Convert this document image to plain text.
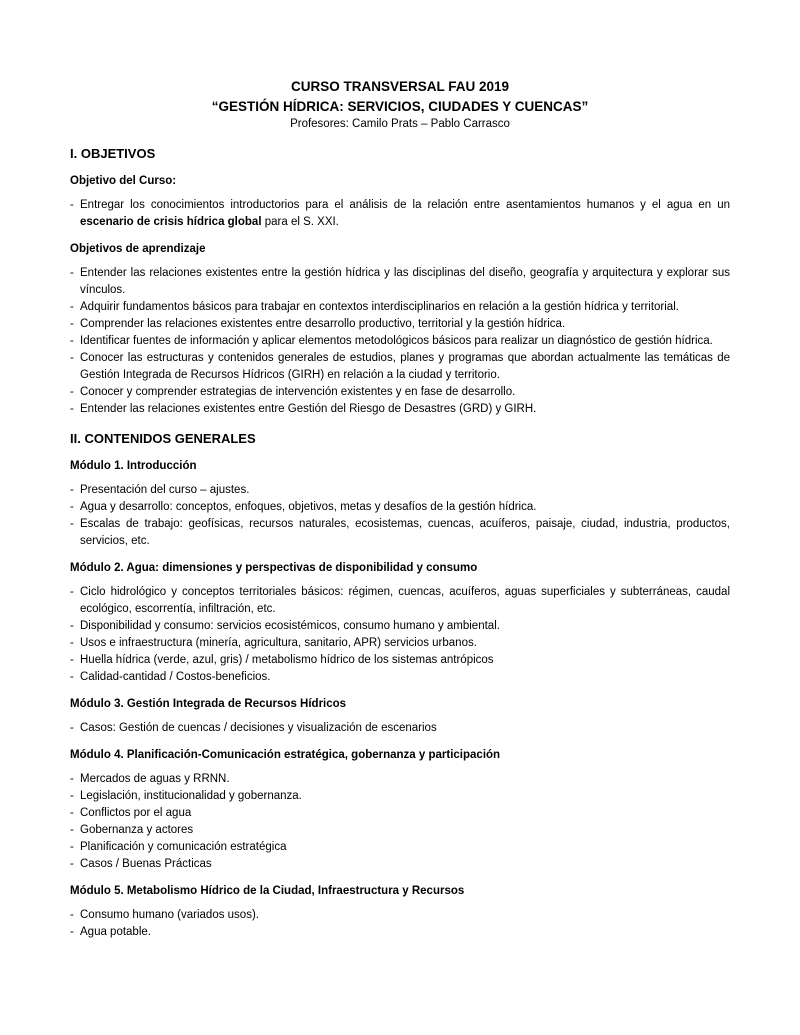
CURSO TRANSVERSAL FAU 2019
“GESTIÓN HÍDRICA: SERVICIOS, CIUDADES Y CUENCAS”
Profesores: Camilo Prats – Pablo Carrasco
I. OBJETIVOS
Objetivo del Curso:
- Entregar los conocimientos introductorios para el análisis de la relación entre asentamientos humanos y el agua en un escenario de crisis hídrica global para el S. XXI.
Objetivos de aprendizaje
- Entender las relaciones existentes entre la gestión hídrica y las disciplinas del diseño, geografía y arquitectura y explorar sus vínculos.
- Adquirir fundamentos básicos para trabajar en contextos interdisciplinarios en relación a la gestión hídrica y territorial.
- Comprender las relaciones existentes entre desarrollo productivo, territorial y la gestión hídrica.
- Identificar fuentes de información y aplicar elementos metodológicos básicos para realizar un diagnóstico de gestión hídrica.
- Conocer las estructuras y contenidos generales de estudios, planes y programas que abordan actualmente las temáticas de Gestión Integrada de Recursos Hídricos (GIRH) en relación a la ciudad y territorio.
- Conocer y comprender estrategias de intervención existentes y en fase de desarrollo.
- Entender las relaciones existentes entre Gestión del Riesgo de Desastres (GRD) y GIRH.
II. CONTENIDOS GENERALES
Módulo 1. Introducción
- Presentación del curso – ajustes.
- Agua y desarrollo: conceptos, enfoques, objetivos, metas y desafíos de la gestión hídrica.
- Escalas de trabajo: geofísicas, recursos naturales, ecosistemas, cuencas, acuíferos, paisaje, ciudad, industria, productos, servicios, etc.
Módulo 2. Agua: dimensiones y perspectivas de disponibilidad y consumo
- Ciclo hidrológico y conceptos territoriales básicos: régimen, cuencas, acuíferos, aguas superficiales y subterráneas, caudal ecológico, escorrentía, infiltración, etc.
- Disponibilidad y consumo: servicios ecosistémicos, consumo humano y ambiental.
- Usos e infraestructura (minería, agricultura, sanitario, APR) servicios urbanos.
- Huella hídrica (verde, azul, gris) / metabolismo hídrico de los sistemas antrópicos
- Calidad-cantidad / Costos-beneficios.
Módulo 3. Gestión Integrada de Recursos Hídricos
- Casos: Gestión de cuencas / decisiones y visualización de escenarios
Módulo 4. Planificación-Comunicación estratégica, gobernanza y participación
- Mercados de aguas y RRNN.
- Legislación, institucionalidad y gobernanza.
- Conflictos por el agua
- Gobernanza y actores
- Planificación y comunicación estratégica
- Casos / Buenas Prácticas
Módulo 5. Metabolismo Hídrico de la Ciudad, Infraestructura y Recursos
- Consumo humano (variados usos).
- Agua potable.
